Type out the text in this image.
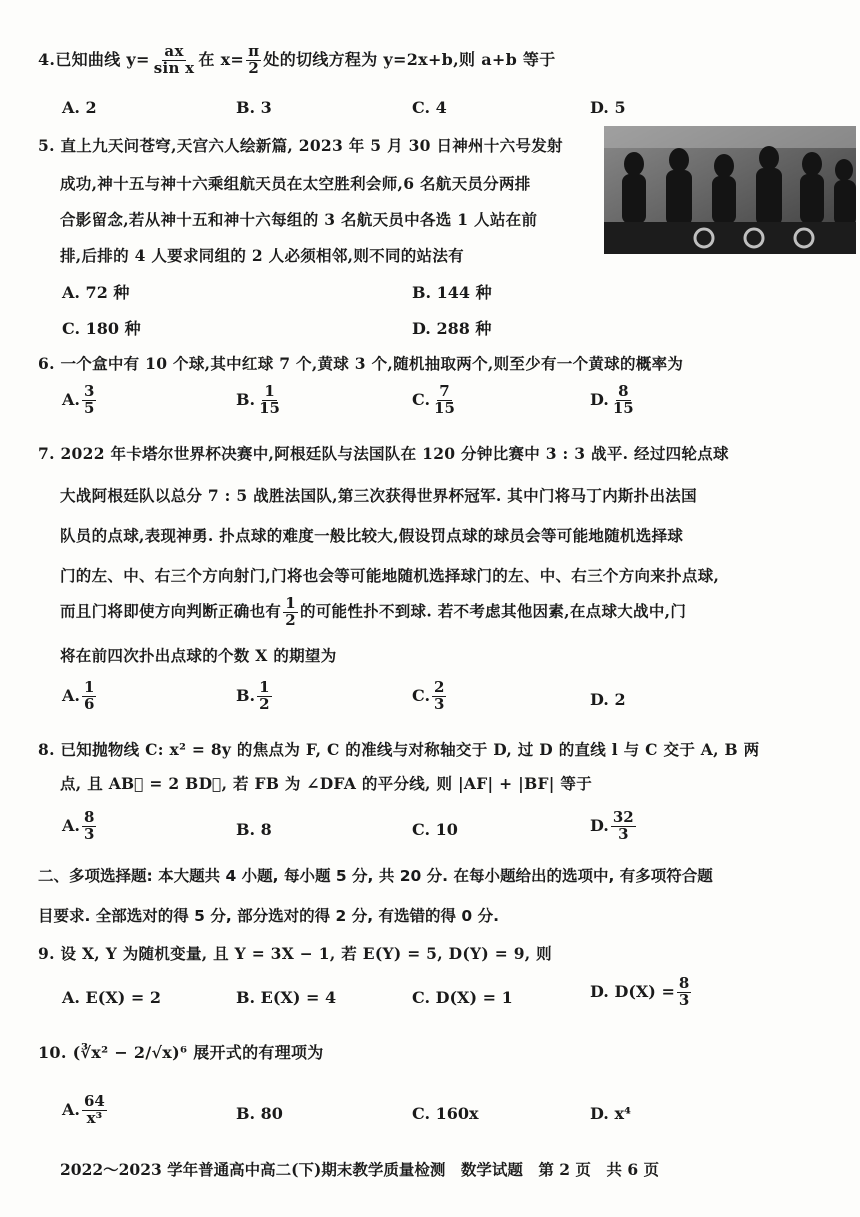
4.已知曲线 $y= \frac{ax}{\text{sin x}}$ 在 $x= \frac{\pi}{2}$ 处的切线方程为 y=2x+b,则 a+b 等于
A. 2	B. 3	C. 4	D. 5
5. 直上九天问苍穹,天宫六人绘新篇, 2023 年 5 月 30 日神州十六号发射
成功,神十五与神十六乘组航天员在太空胜利会师,6 名航天员分两排
合影留念,若从神十五和神十六每组的 3 名航天员中各选 1 人站在前
排,后排的 4 人要求同组的 2 人必须相邻,则不同的站法有
A. 72 种	B. 144 种
C. 180 种	D. 288 种
6. 一个盒中有 10 个球,其中红球 7 个,黄球 3 个,随机抽取两个,则至少有一个黄球的概率为
A. $\frac{3}{5}$	B. $\frac{1}{15}$	C. $\frac{7}{15}$	D. $\frac{8}{15}$
7. 2022 年卡塔尔世界杯决赛中,阿根廷队与法国队在 120 分钟比赛中 3 : 3 战平. 经过四轮点球
大战阿根廷队以总分 7 : 5 战胜法国队,第三次获得世界杯冠军. 其中门将马丁内斯扑出法国
队员的点球,表现神勇. 扑点球的难度一般比较大,假设罚点球的球员会等可能地随机选择球
门的左、中、右三个方向射门,门将也会等可能地随机选择球门的左、中、右三个方向来扑点球,
而且门将即使方向判断正确也有 $\frac{1}{2}$ 的可能性扑不到球. 若不考虑其他因素,在点球大战中,门
将在前四次扑出点球的个数 X 的期望为
A. $\frac{1}{6}$	B. $\frac{1}{2}$	C. $\frac{2}{3}$	D. 2
8. 已知抛物线 C: x² = 8y 的焦点为 F, C 的准线与对称轴交于 D, 过 D 的直线 l 与 C 交于 A, B 两
点, 且 AB⃗ = 2 BD⃗, 若 FB 为 ∠DFA 的平分线, 则 |AF| + |BF| 等于
A. $\frac{8}{3}$	B. 8	C. 10	D. $\frac{32}{3}$
二、多项选择题: 本大题共 4 小题, 每小题 5 分, 共 20 分. 在每小题给出的选项中, 有多项符合题
目要求. 全部选对的得 5 分, 部分选对的得 2 分, 有选错的得 0 分.
9. 设 X, Y 为随机变量, 且 Y = 3X − 1, 若 E(Y) = 5, D(Y) = 9, 则
A. E(X) = 2	B. E(X) = 4	C. D(X) = 1	D. $D(X) = \frac{8}{3}$
10. (∛x² − 2/√x)⁶ 展开式的有理项为
A. $\frac{64}{\text{x³}}$	B. 80	C. 160x	D. x⁴
2022～2023 学年普通高中高二(下)期末教学质量检测　数学试题　第 2 页　共 6 页
